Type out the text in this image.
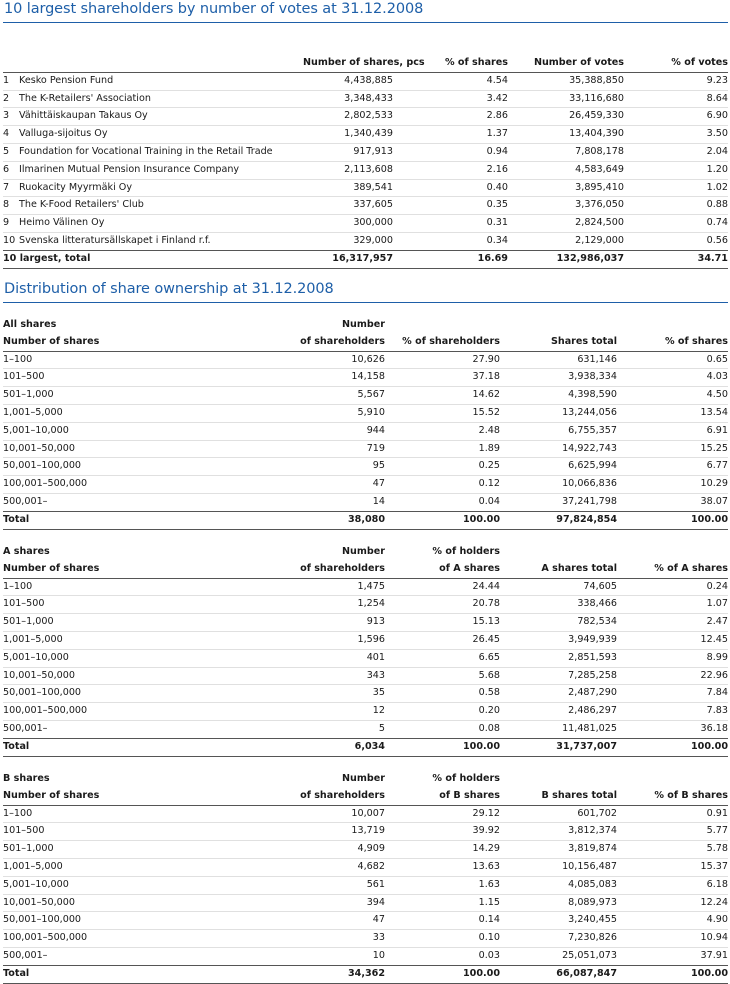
10 largest shareholders by number of votes at 31.12.2008
		Number of shares, pcs	% of shares	Number of votes	% of votes
1	Kesko Pension Fund	4,438,885	4.54	35,388,850	9.23
2	The K-Retailers' Association	3,348,433	3.42	33,116,680	8.64
3	Vähittäiskaupan Takaus Oy	2,802,533	2.86	26,459,330	6.90
4	Valluga-sijoitus Oy	1,340,439	1.37	13,404,390	3.50
5	Foundation for Vocational Training in the Retail Trade	917,913	0.94	7,808,178	2.04
6	Ilmarinen Mutual Pension Insurance Company	2,113,608	2.16	4,583,649	1.20
7	Ruokacity Myyrmäki Oy	389,541	0.40	3,895,410	1.02
8	The K-Food Retailers' Club	337,605	0.35	3,376,050	0.88
9	Heimo Välinen Oy	300,000	0.31	2,824,500	0.74
10	Svenska litteratursällskapet i Finland r.f.	329,000	0.34	2,129,000	0.56
10 largest, total		16,317,957	16.69	132,986,037	34.71
Distribution of share ownership at 31.12.2008
All shares	Number			
Number of shares	of shareholders	% of shareholders	Shares total	% of shares
1–100	10,626	27.90	631,146	0.65
101–500	14,158	37.18	3,938,334	4.03
501–1,000	5,567	14.62	4,398,590	4.50
1,001–5,000	5,910	15.52	13,244,056	13.54
5,001–10,000	944	2.48	6,755,357	6.91
10,001–50,000	719	1.89	14,922,743	15.25
50,001–100,000	95	0.25	6,625,994	6.77
100,001–500,000	47	0.12	10,066,836	10.29
500,001–	14	0.04	37,241,798	38.07
Total	38,080	100.00	97,824,854	100.00
A shares	Number	% of holders		
Number of shares	of shareholders	of A shares	A shares total	% of A shares
1–100	1,475	24.44	74,605	0.24
101–500	1,254	20.78	338,466	1.07
501–1,000	913	15.13	782,534	2.47
1,001–5,000	1,596	26.45	3,949,939	12.45
5,001–10,000	401	6.65	2,851,593	8.99
10,001–50,000	343	5.68	7,285,258	22.96
50,001–100,000	35	0.58	2,487,290	7.84
100,001–500,000	12	0.20	2,486,297	7.83
500,001–	5	0.08	11,481,025	36.18
Total	6,034	100.00	31,737,007	100.00
B shares	Number	% of holders		
Number of shares	of shareholders	of B shares	B shares total	% of B shares
1–100	10,007	29.12	601,702	0.91
101–500	13,719	39.92	3,812,374	5.77
501–1,000	4,909	14.29	3,819,874	5.78
1,001–5,000	4,682	13.63	10,156,487	15.37
5,001–10,000	561	1.63	4,085,083	6.18
10,001–50,000	394	1.15	8,089,973	12.24
50,001–100,000	47	0.14	3,240,455	4.90
100,001–500,000	33	0.10	7,230,826	10.94
500,001–	10	0.03	25,051,073	37.91
Total	34,362	100.00	66,087,847	100.00
